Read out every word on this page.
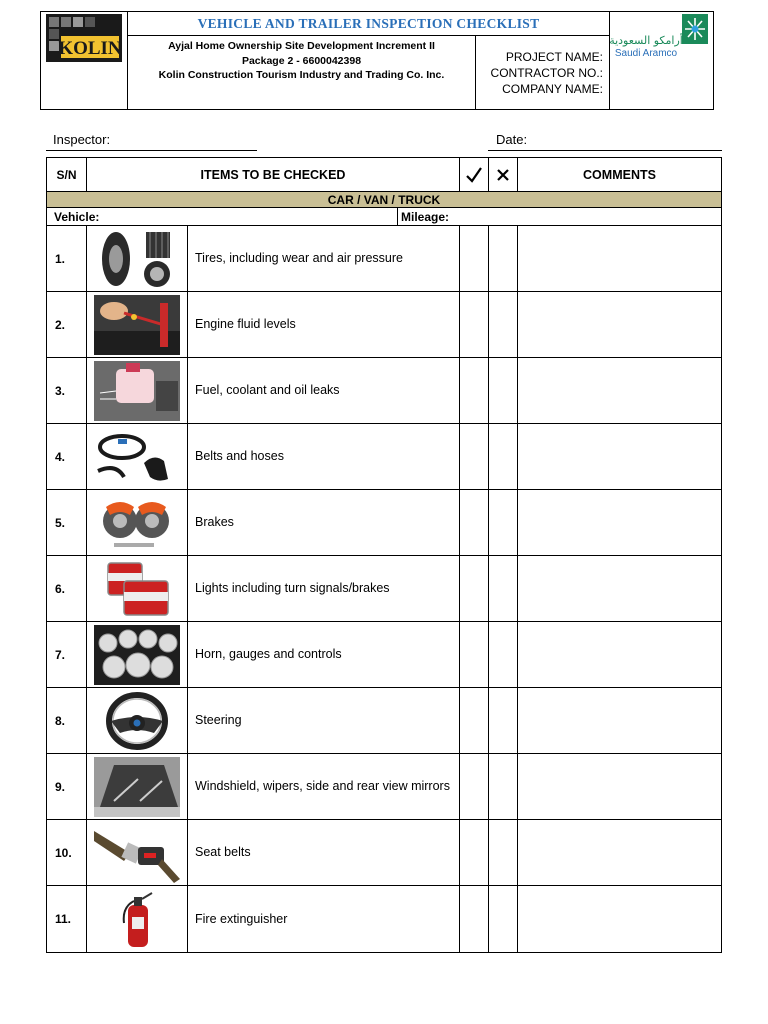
KOLIN
VEHICLE AND TRAILER INSPECTION CHECKLIST
Ayjal Home Ownership Site Development Increment II
Package 2 - 6600042398
Kolin Construction Tourism Industry and Trading Co. Inc.
PROJECT NAME:
CONTRACTOR NO.:
COMPANY NAME:
أرامكو السعودية
Saudi Aramco
Inspector:	Date:
S/N	ITEMS TO BE CHECKED	COMMENTS
CAR / VAN / TRUCK
Vehicle:	Mileage:
1.	Tires, including wear and air pressure
2.	Engine fluid levels
3.	Fuel, coolant and oil leaks
4.	Belts and hoses
5.	Brakes
6.	Lights including turn signals/brakes
7.	Horn, gauges and controls
8.	Steering
9.	Windshield, wipers, side and rear view mirrors
10.	Seat belts
11.	Fire extinguisher
